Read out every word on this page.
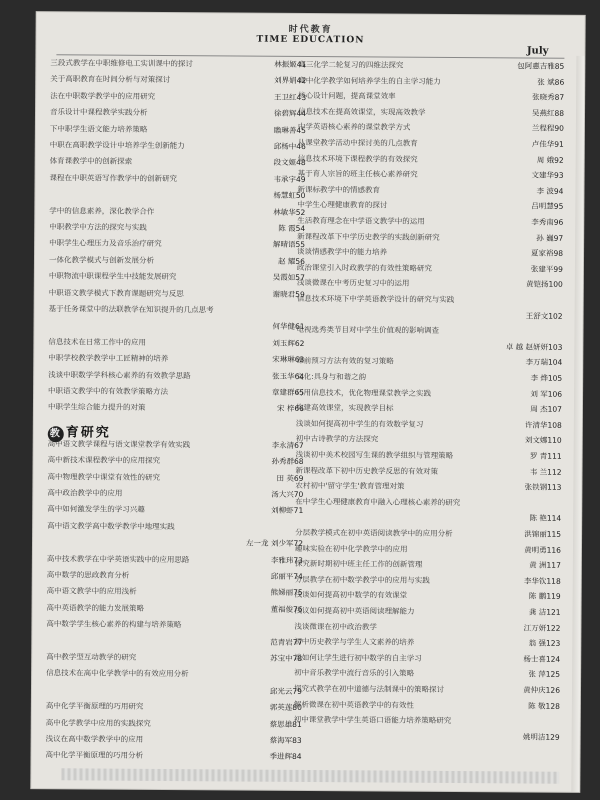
时代教育
TIME EDUCATION
July
三段式教学在中职维修电工实训课中的探讨	林振姬41
关于高职教育在时间分析与对策探讨	刘界娟42
法在中职数学教学中的应用研究	王卫红43
音乐设计中课程教学实践分析	徐碧辉44
下中职学生语文能力培养策略	瞻琳善45
中职在高职教学设计中培养学生创新能力	邱杨中46
体育课教学中的创新探索	段文姬48
课程在中职英语写作教学中的创新研究	韦承宇49
杨慧虹50
学中的信息素养，深化教学合作	林敏华52
中职教学中方法的探究与实践	陈 霞54
中职学生心理压力及音乐治疗研究	解晴语55
一体化教学模式与创新发展分析	赵 耀56
中职物流中职课程学生中技能发展研究	吴霞如57
中职语文教学模式下教育课题研究与反思	谢晓君59
基于任务课堂中的法联教学在知识提升的几点思考
何华健61
信息技术在日常工作中的应用	刘玉辉62
中职学校教学教学中工匠精神的培养	宋琳琳63
浅谈中职数学学科核心素养的有效教学思路	张玉华64
中职语文教学中的有效教学策略方法	章建群65
中职学生综合能力提升的对策	宋 梓66
教 育研究
高中语文教学课程与语文课堂教学有效实践	李永清67
高中新技术课程教学中的应用探究	孙秀群68
高中物理教学中课堂有效性的研究	田 英69
高中政治教学中的应用	汤大兴70
高中如何激发学生的学习兴趣	刘柳虾71
高中语文教学高中数学教学中地理实践
左一龙 刘少军72
高中技术教学在中学英语实践中的应用思路	李雅玮73
高中数学的思政教育分析	邱丽平74
高中语文教学中的应用浅析	熊娣丽75
高中英语教学的能力发展策略	董福俊76
高中数学学生核心素养的构建与培养策略
范青岩77
高中教学型互动教学的研究	苏宝中78
信息技术在高中化学教学中的有效应用分析
邱光云79
高中化学平衡原理的巧用研究	郭英莲80
高中化学教学中应用的实践探究	蔡思雄81
浅议在高中数学教学中的应用	蔡海军83
高中化学平衡原理的巧用分析	季进辉84
高三化学二轮复习的四维法探究	包阿惠吉雅85
高中化学教学如何培养学生的自主学习能力	张 斌86
核心设计问题，提高课堂效率	张晓秀87
信息技术在提高效课堂，实现高效教学	吴燕红88
中学英语核心素养的课堂教学方式	兰程程90
从课堂教学活动中探讨美的几点教育	卢佳华91
信息技术环境下课程教学的有效探究	周 娥92
基于育人宗旨的班主任核心素养研究	文建华93
新课标教学中的情感教育	李 波94
中学生心理健康教育的探讨	吕明慧95
生活教育理念在中学语文教学中的运用	李秀南96
新课程改革下中学历史教学的实践创新研究	孙 巍97
谈谈情感教学中的能力培养	夏家裕98
政治课堂引入时政教学的有效性策略研究	张建平99
浅谈微课在中考历史复习中的运用	黄铠扬100
信息技术环境下中学英语教学设计的研究与实践
王舒文102
电视选秀类节目对中学生价值观的影响调查
卓 越 赵妍妍103
课前预习方法有效的复习策略	李万瑞104
文化:具身与和谐之韵	李 烨105
巧用信息技术，优化物理课堂教学之实践	刘 军106
构建高效课堂，实现教学目标	周 杰107
浅谈如何提高初中学生的有效数学复习	许清华108
初中古诗教学的方法探究	刘文娜110
浅谈初中美术校园写生课的教学组织与管理策略	罗 青111
新课程改革下初中历史教学反思的有效对策	韦 兰112
农村初中'留守学生'教育管理对策	张铁钢113
在中学生心理健康教育中融入心理核心素养的研究
陈 艳114
分层教学模式在初中英语阅读教学中的应用分析	洪锦丽115
趣味实验在初中化学教学中的应用	黄明勇116
探究新时期初中班主任工作的创新管理	黄 洲117
分层教学在初中数学教学中的应用与实践	李华钦118
浅谈如何提高初中数学的有效课堂	陈 鹏119
浅议如何提高初中英语阅读理解能力	龚 洁121
浅谈微课在初中政治教学	江万妍122
初中历史教学与学生人文素养的培养	翁 强123
谈如何让学生进行初中数学的自主学习	杨士喜124
初中音乐教学中流行音乐的引入策略	张 萍125
探究式教学在初中道德与法制课中的策略探讨	黄仲庆126
解析微课在初中英语教学中的有效性	陈 敬128
初中课堂教学中学生英语口语能力培养策略研究
姚明洁129
